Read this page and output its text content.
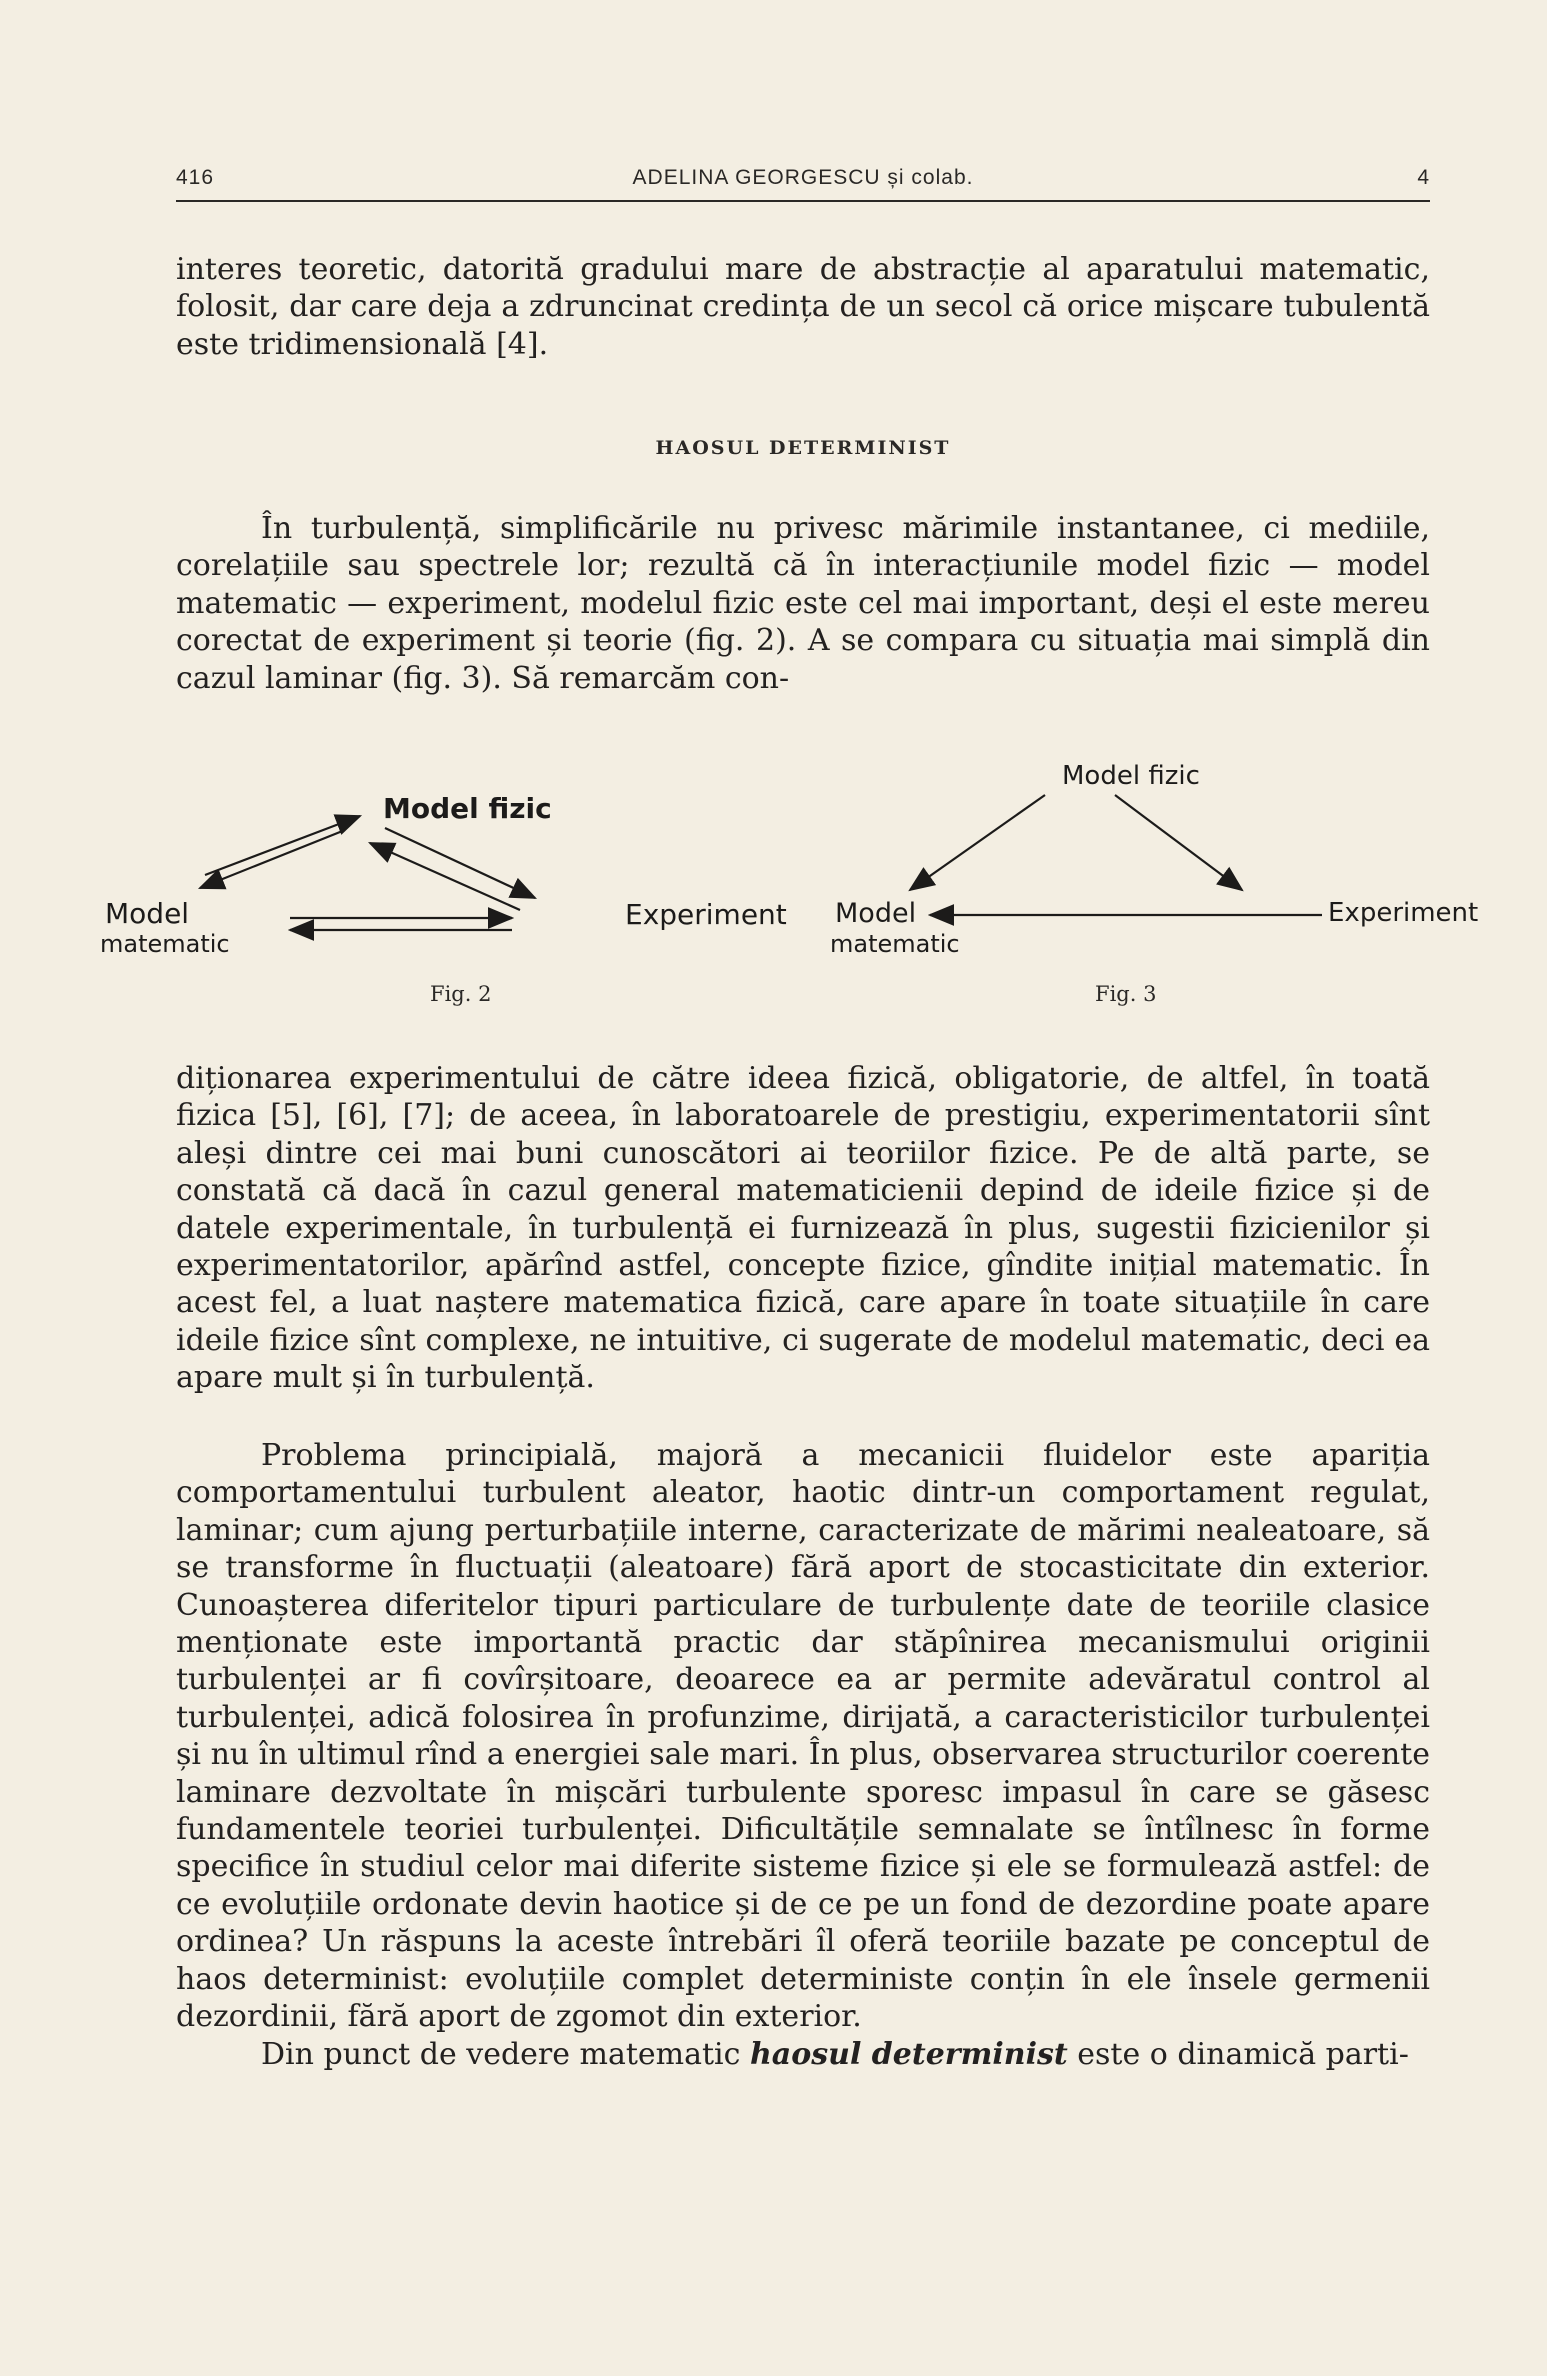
416	ADELINA GEORGESCU și colab.	4

interes teoretic, datorită gradului mare de abstracție al aparatului matematic, folosit, dar care deja a zdruncinat credința de un secol că orice mișcare tubulentă este tridimensională [4].

HAOSUL DETERMINIST

În turbulență, simplificările nu privesc mărimile instantanee, ci mediile, corelațiile sau spectrele lor; rezultă că în interacțiunile model fizic — model matematic — experiment, modelul fizic este cel mai important, deși el este mereu corectat de experiment și teorie (fig. 2). A se compara cu situația mai simplă din cazul laminar (fig. 3). Să remarcăm con-

Model fizic
Model
matematic
Experiment
Fig. 2
Model fizic
Model
matematic
Experiment
Fig. 3

diționarea experimentului de către ideea fizică, obligatorie, de altfel, în toată fizica [5], [6], [7]; de aceea, în laboratoarele de prestigiu, experimentatorii sînt aleși dintre cei mai buni cunoscători ai teoriilor fizice. Pe de altă parte, se constată că dacă în cazul general matematicienii depind de ideile fizice și de datele experimentale, în turbulență ei furnizează în plus, sugestii fizicienilor și experimentatorilor, apărînd astfel, concepte fizice, gîndite inițial matematic. În acest fel, a luat naștere matematica fizică, care apare în toate situațiile în care ideile fizice sînt complexe, ne intuitive, ci sugerate de modelul matematic, deci ea apare mult și în turbulență.

Problema principială, majoră a mecanicii fluidelor este apariția comportamentului turbulent aleator, haotic dintr-un comportament regulat, laminar; cum ajung perturbațiile interne, caracterizate de mărimi nealeatoare, să se transforme în fluctuații (aleatoare) fără aport de stocasticitate din exterior. Cunoașterea diferitelor tipuri particulare de turbulențe date de teoriile clasice menționate este importantă practic dar stăpînirea mecanismului originii turbulenței ar fi covîrșitoare, deoarece ea ar permite adevăratul control al turbulenței, adică folosirea în profunzime, dirijată, a caracteristicilor turbulenței și nu în ultimul rînd a energiei sale mari. În plus, observarea structurilor coerente laminare dezvoltate în mișcări turbulente sporesc impasul în care se găsesc fundamentele teoriei turbulenței. Dificultățile semnalate se întîlnesc în forme specifice în studiul celor mai diferite sisteme fizice și ele se formulează astfel: de ce evoluțiile ordonate devin haotice și de ce pe un fond de dezordine poate apare ordinea? Un răspuns la aceste întrebări îl oferă teoriile bazate pe conceptul de haos determinist: evoluțiile complet deterministe conțin în ele însele germenii dezordinii, fără aport de zgomot din exterior.

Din punct de vedere matematic haosul determinist este o dinamică parti-
